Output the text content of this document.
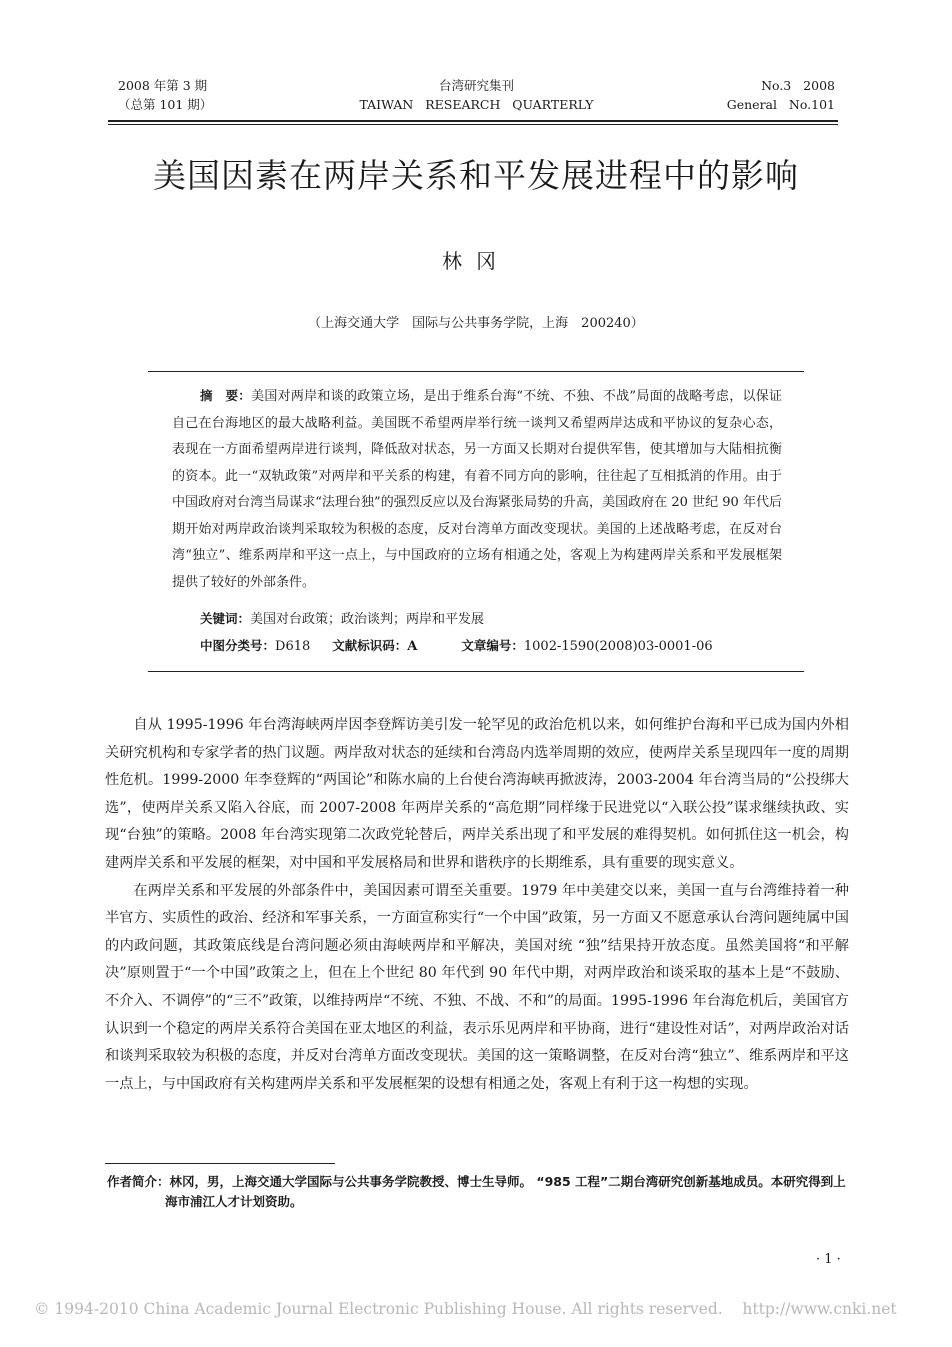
2008 年第 3 期
（总第 101 期）
台湾研究集刊
TAIWAN   RESEARCH   QUARTERLY
No.3   2008
General   No.101
美国因素在两岸关系和平发展进程中的影响
林冈
（上海交通大学　国际与公共事务学院，上海　200240）
摘　要：美国对两岸和谈的政策立场，是出于维系台海“不统、不独、不战”局面的战略考虑，以保证自己在台海地区的最大战略利益。美国既不希望两岸举行统一谈判又希望两岸达成和平协议的复杂心态，表现在一方面希望两岸进行谈判，降低敌对状态，另一方面又长期对台提供军售，使其增加与大陆相抗衡的资本。此一“双轨政策”对两岸和平关系的构建，有着不同方向的影响，往往起了互相抵消的作用。由于中国政府对台湾当局谋求“法理台独”的强烈反应以及台海紧张局势的升高，美国政府在 20 世纪 90 年代后期开始对两岸政治谈判采取较为积极的态度，反对台湾单方面改变现状。美国的上述战略考虑，在反对台湾“独立”、维系两岸和平这一点上，与中国政府的立场有相通之处，客观上为构建两岸关系和平发展框架提供了较好的外部条件。
关键词：美国对台政策；政治谈判；两岸和平发展
中图分类号：D618 文献标识码：A	文章编号：1002-1590(2008)03-0001-06

自从 1995-1996 年台湾海峡两岸因李登辉访美引发一轮罕见的政治危机以来，如何维护台海和平已成为国内外相关研究机构和专家学者的热门议题。两岸敌对状态的延续和台湾岛内选举周期的效应，使两岸关系呈现四年一度的周期性危机。1999-2000 年李登辉的“两国论”和陈水扁的上台使台湾海峡再掀波涛，2003-2004 年台湾当局的“公投绑大选”，使两岸关系又陷入谷底，而 2007-2008 年两岸关系的“高危期”同样缘于民进党以“入联公投”谋求继续执政、实现“台独”的策略。2008 年台湾实现第二次政党轮替后，两岸关系出现了和平发展的难得契机。如何抓住这一机会，构建两岸关系和平发展的框架，对中国和平发展格局和世界和谐秩序的长期维系，具有重要的现实意义。

在两岸关系和平发展的外部条件中，美国因素可谓至关重要。1979 年中美建交以来，美国一直与台湾维持着一种半官方、实质性的政治、经济和军事关系，一方面宣称实行“一个中国”政策，另一方面又不愿意承认台湾问题纯属中国的内政问题，其政策底线是台湾问题必须由海峡两岸和平解决，美国对统 “独”结果持开放态度。虽然美国将“和平解决”原则置于“一个中国”政策之上，但在上个世纪 80 年代到 90 年代中期，对两岸政治和谈采取的基本上是“不鼓励、不介入、不调停”的“三不”政策，以维持两岸“不统、不独、不战、不和”的局面。1995-1996 年台海危机后，美国官方认识到一个稳定的两岸关系符合美国在亚太地区的利益，表示乐见两岸和平协商，进行“建设性对话”，对两岸政治对话和谈判采取较为积极的态度，并反对台湾单方面改变现状。美国的这一策略调整，在反对台湾“独立”、维系两岸和平这一点上，与中国政府有关构建两岸关系和平发展框架的设想有相通之处，客观上有利于这一构想的实现。

作者简介：林冈，男，上海交通大学国际与公共事务学院教授、博士生导师。 “985 工程”二期台湾研究创新基地成员。本研究得到上海市浦江人才计划资助。
· 1 ·
© 1994-2010 China Academic Journal Electronic Publishing House. All rights reserved.    http://www.cnki.net
